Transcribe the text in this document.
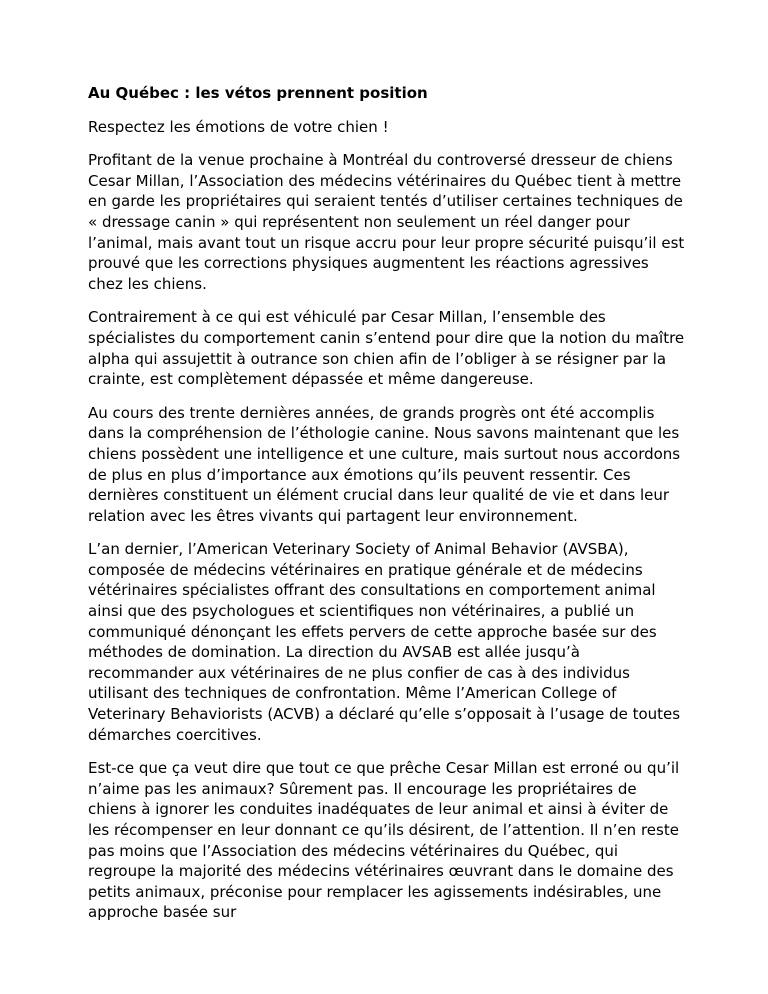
Au Québec : les vétos prennent position

Respectez les émotions de votre chien !

Profitant de la venue prochaine à Montréal du controversé dresseur de chiens Cesar Millan, l’Association des médecins vétérinaires du Québec tient à mettre en garde les propriétaires qui seraient tentés d’utiliser certaines techniques de « dressage canin » qui représentent non seulement un réel danger pour l’animal, mais avant tout un risque accru pour leur propre sécurité puisqu’il est prouvé que les corrections physiques augmentent les réactions agressives chez les chiens.

Contrairement à ce qui est véhiculé par Cesar Millan, l’ensemble des spécialistes du comportement canin s’entend pour dire que la notion du maître alpha qui assujettit à outrance son chien afin de l’obliger à se résigner par la crainte, est complètement dépassée et même dangereuse.

Au cours des trente dernières années, de grands progrès ont été accomplis dans la compréhension de l’éthologie canine. Nous savons maintenant que les chiens possèdent une intelligence et une culture, mais surtout nous accordons de plus en plus d’importance aux émotions qu’ils peuvent ressentir. Ces dernières constituent un élément crucial dans leur qualité de vie et dans leur relation avec les êtres vivants qui partagent leur environnement.

L’an dernier, l’American Veterinary Society of Animal Behavior (AVSBA), composée de médecins vétérinaires en pratique générale et de médecins vétérinaires spécialistes offrant des consultations en comportement animal ainsi que des psychologues et scientifiques non vétérinaires, a publié un communiqué dénonçant les effets pervers de cette approche basée sur des méthodes de domination. La direction du AVSAB est allée jusqu’à recommander aux vétérinaires de ne plus confier de cas à des individus utilisant des techniques de confrontation. Même l’American College of Veterinary Behaviorists (ACVB) a déclaré qu’elle s’opposait à l’usage de toutes démarches coercitives.

Est-ce que ça veut dire que tout ce que prêche Cesar Millan est erroné ou qu’il n’aime pas les animaux? Sûrement pas. Il encourage les propriétaires de chiens à ignorer les conduites inadéquates de leur animal et ainsi à éviter de les récompenser en leur donnant ce qu’ils désirent, de l’attention. Il n’en reste pas moins que l’Association des médecins vétérinaires du Québec, qui regroupe la majorité des médecins vétérinaires œuvrant dans le domaine des petits animaux, préconise pour remplacer les agissements indésirables, une approche basée sur
